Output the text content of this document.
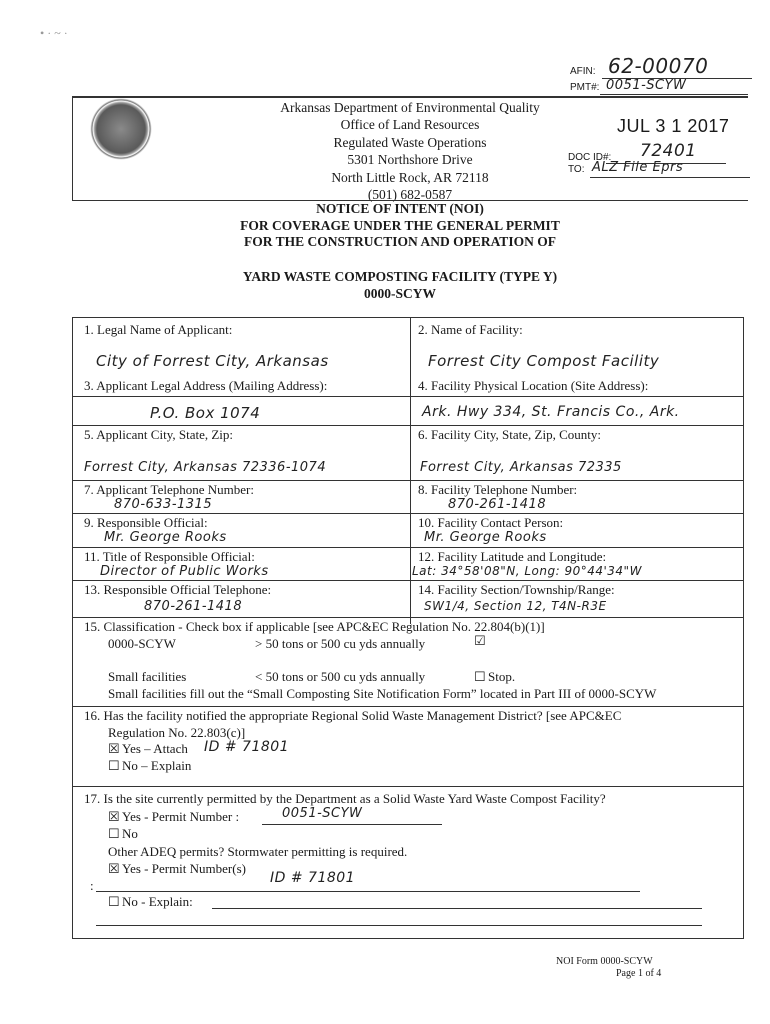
• · ~ ·
AFIN: 62-00070
PMT#: 0051-SCYW
Arkansas Department of Environmental Quality
Office of Land Resources
Regulated Waste Operations
5301 Northshore Drive
North Little Rock, AR 72118
(501) 682-0587
JUL 3 1 2017
DOC ID#: 72401
TO: ALZ File Eprs
NOTICE OF INTENT (NOI)
FOR COVERAGE UNDER THE GENERAL PERMIT
FOR THE CONSTRUCTION AND OPERATION OF
YARD WASTE COMPOSTING FACILITY (TYPE Y)
0000-SCYW
1. Legal Name of Applicant:
City of Forrest City, Arkansas
2. Name of Facility:
Forrest City Compost Facility
3. Applicant Legal Address (Mailing Address):
P.O. Box 1074
4. Facility Physical Location (Site Address):
Ark. Hwy 334, St. Francis Co., Ark.
5. Applicant City, State, Zip:
Forrest City, Arkansas 72336-1074
6. Facility City, State, Zip, County:
Forrest City, Arkansas 72335
7. Applicant Telephone Number:
870-633-1315
8. Facility Telephone Number:
870-261-1418
9. Responsible Official:
Mr. George Rooks
10. Facility Contact Person:
Mr. George Rooks
11. Title of Responsible Official:
Director of Public Works
12. Facility Latitude and Longitude:
Lat: 34°58'08"N, Long: 90°44'34"W
13. Responsible Official Telephone:
870-261-1418
14. Facility Section/Township/Range:
SW1/4, Section 12, T4N-R3E
15. Classification - Check box if applicable [see APC&EC Regulation No. 22.804(b)(1)]
0000-SCYW	> 50 tons or 500 cu yds annually	☑
Small facilities	< 50 tons or 500 cu yds annually	☐ Stop.
Small facilities fill out the “Small Composting Site Notification Form” located in Part III of 0000-SCYW
16. Has the facility notified the appropriate Regional Solid Waste Management District? [see APC&EC
Regulation No. 22.803(c)]
☒ Yes – Attach ID # 71801
☐ No – Explain
17. Is the site currently permitted by the Department as a Solid Waste Yard Waste Compost Facility?
☒ Yes - Permit Number :	0051-SCYW
☐ No
Other ADEQ permits? Stormwater permitting is required.
☒ Yes - Permit Number(s)
:	ID # 71801
☐ No - Explain:
NOI Form 0000-SCYW
Page 1 of 4
